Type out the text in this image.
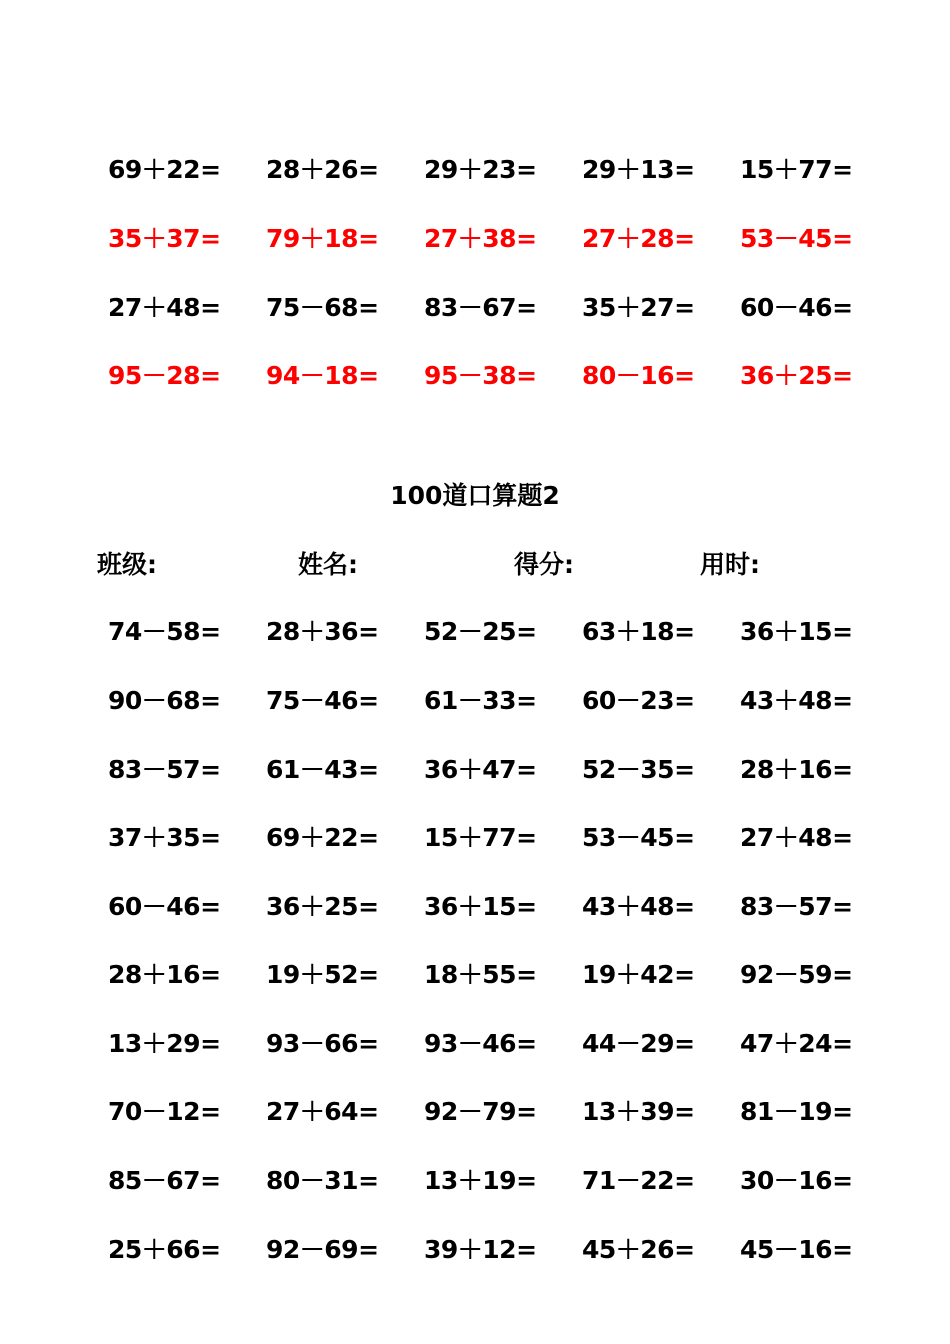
69＋22= 28＋26= 29＋23= 29＋13= 15＋77=
35＋37= 79＋18= 27＋38= 27＋28= 53－45=
27＋48= 75－68= 83－67= 35＋27= 60－46=
95－28= 94－18= 95－38= 80－16= 36＋25=
100道口算题2
班级:	姓名:	得分:	用时:
74－58= 28＋36= 52－25= 63＋18= 36＋15=
90－68= 75－46= 61－33= 60－23= 43＋48=
83－57= 61－43= 36＋47= 52－35= 28＋16=
37＋35= 69＋22= 15＋77= 53－45= 27＋48=
60－46= 36＋25= 36＋15= 43＋48= 83－57=
28＋16= 19＋52= 18＋55= 19＋42= 92－59=
13＋29= 93－66= 93－46= 44－29= 47＋24=
70－12= 27＋64= 92－79= 13＋39= 81－19=
85－67= 80－31= 13＋19= 71－22= 30－16=
25＋66= 92－69= 39＋12= 45＋26= 45－16=
